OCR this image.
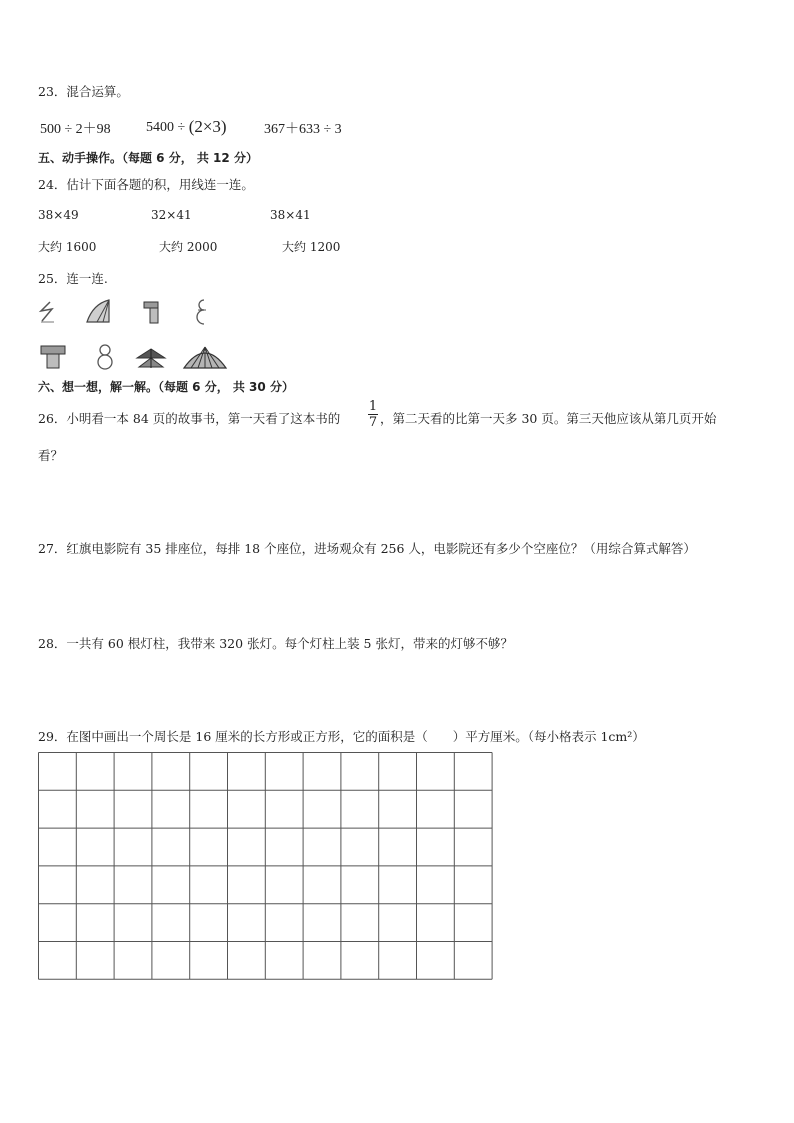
23．混合运算。
500 ÷ 2＋98	5400 ÷ (2×3)	367＋633 ÷ 3
五、动手操作。（每题 6 分， 共 12 分）
24．估计下面各题的积，用线连一连。
38×49	32×41	38×41
大约 1600	大约 2000	大约 1200
25．连一连.
六、想一想，解一解。（每题 6 分， 共 30 分）
26．小明看一本 84 页的故事书，第一天看了这本书的
1
7 ，第二天看的比第一天多 30 页。第三天他应该从第几页开始
看？
27．红旗电影院有 35 排座位，每排 18 个座位，进场观众有 256 人，电影院还有多少个空座位？（用综合算式解答）
28．一共有 60 根灯柱，我带来 320 张灯。每个灯柱上装 5 张灯，带来的灯够不够？
29．在图中画出一个周长是 16 厘米的长方形或正方形，它的面积是（　　）平方厘米。（每小格表示 1cm²）
